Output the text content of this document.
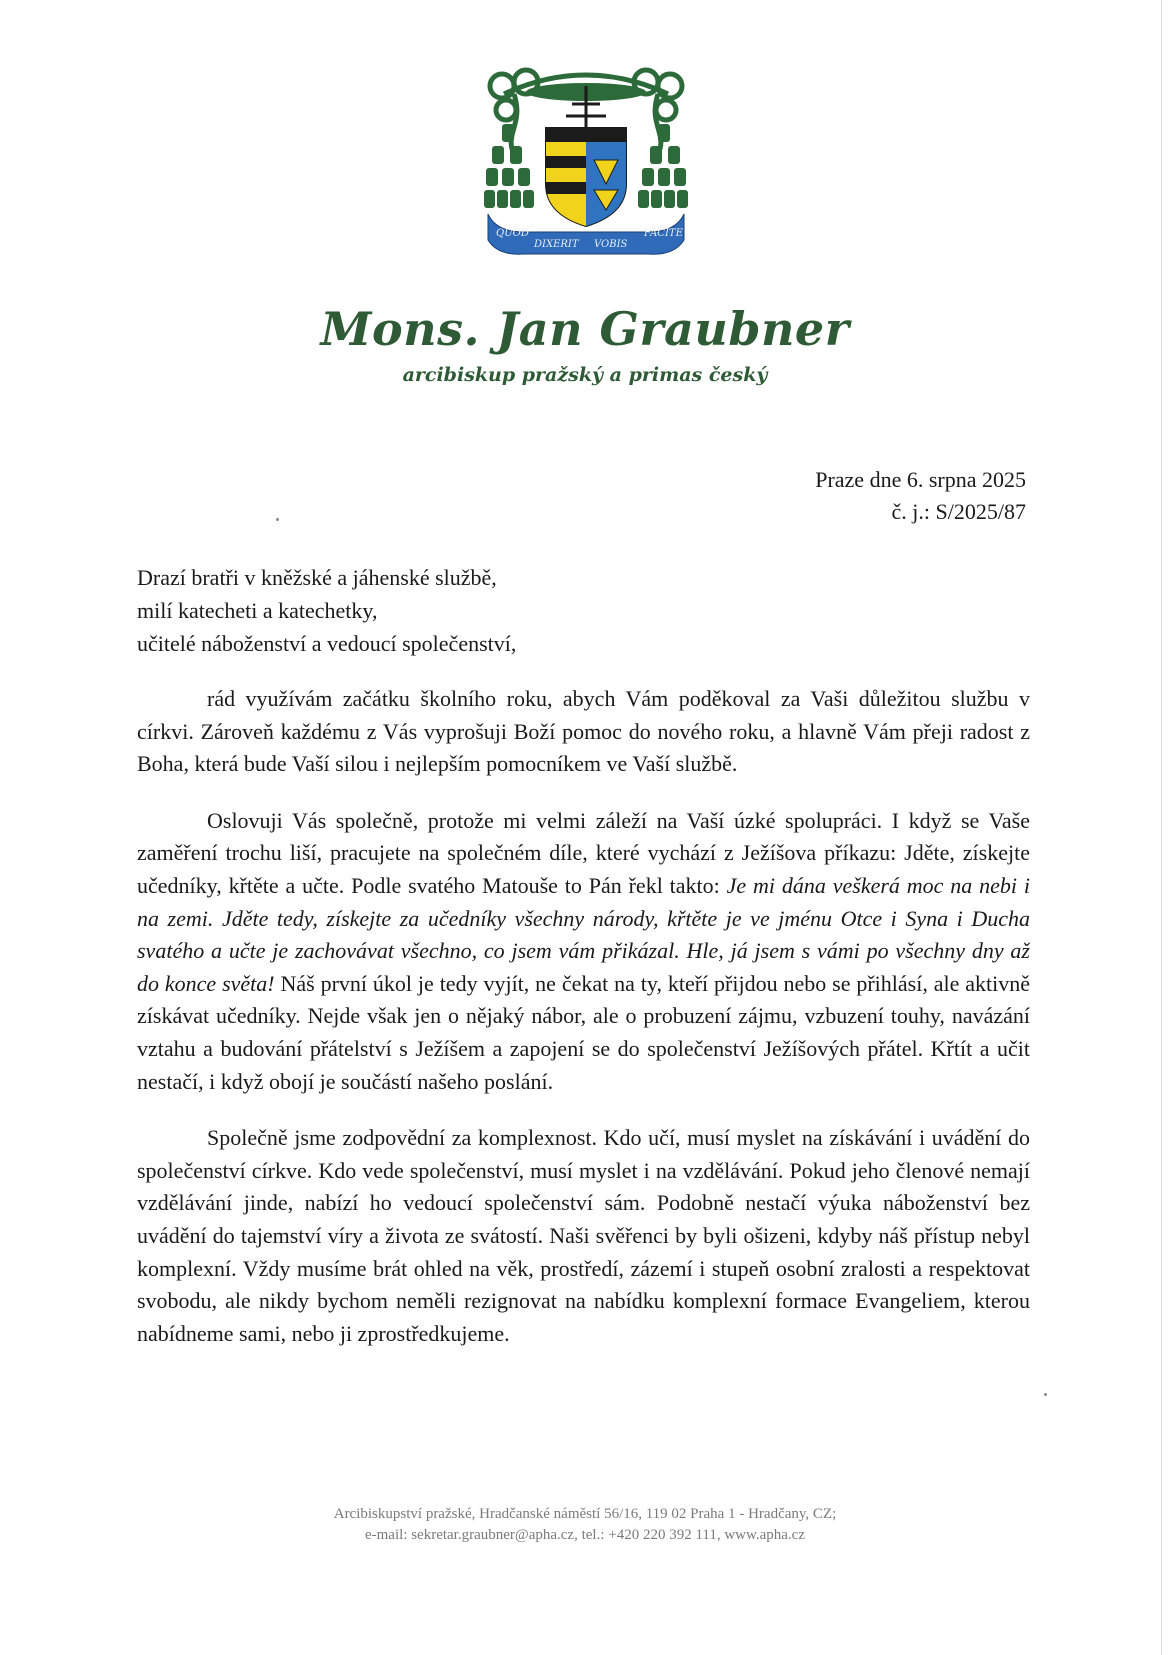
QUOD
DIXERIT VOBIS
FACITE
Mons. Jan Graubner
arcibiskup pražský a primas český
Praze dne 6. srpna 2025
č. j.: S/2025/87
Drazí bratři v kněžské a jáhenské službě,
milí katecheti a katechetky,
učitelé náboženství a vedoucí společenství,

rád využívám začátku školního roku, abych Vám poděkoval za Vaši důležitou službu v církvi. Zároveň každému z Vás vyprošuji Boží pomoc do nového roku, a hlavně Vám přeji radost z Boha, která bude Vaší silou i nejlepším pomocníkem ve Vaší službě.

Oslovuji Vás společně, protože mi velmi záleží na Vaší úzké spolupráci. I když se Vaše zaměření trochu liší, pracujete na společném díle, které vychází z Ježíšova příkazu: Jděte, získejte učedníky, křtěte a učte. Podle svatého Matouše to Pán řekl takto: Je mi dána veškerá moc na nebi i na zemi. Jděte tedy, získejte za učedníky všechny národy, křtěte je ve jménu Otce i Syna i Ducha svatého a učte je zachovávat všechno, co jsem vám přikázal. Hle, já jsem s vámi po všechny dny až do konce světa! Náš první úkol je tedy vyjít, ne čekat na ty, kteří přijdou nebo se přihlásí, ale aktivně získávat učedníky. Nejde však jen o nějaký nábor, ale o probuzení zájmu, vzbuzení touhy, navázání vztahu a budování přátelství s Ježíšem a zapojení se do společenství Ježíšových přátel. Křtít a učit nestačí, i když obojí je součástí našeho poslání.

Společně jsme zodpovědní za komplexnost. Kdo učí, musí myslet na získávání i uvádění do společenství církve. Kdo vede společenství, musí myslet i na vzdělávání. Pokud jeho členové nemají vzdělávání jinde, nabízí ho vedoucí společenství sám. Podobně nestačí výuka náboženství bez uvádění do tajemství víry a života ze svátostí. Naši svěřenci by byli ošizeni, kdyby náš přístup nebyl komplexní. Vždy musíme brát ohled na věk, prostředí, zázemí i stupeň osobní zralosti a respektovat svobodu, ale nikdy bychom neměli rezignovat na nabídku komplexní formace Evangeliem, kterou nabídneme sami, nebo ji zprostředkujeme.

Arcibiskupství pražské, Hradčanské náměstí 56/16, 119 02 Praha 1 - Hradčany, CZ;
e-mail: sekretar.graubner@apha.cz, tel.: +420 220 392 111, www.apha.cz
